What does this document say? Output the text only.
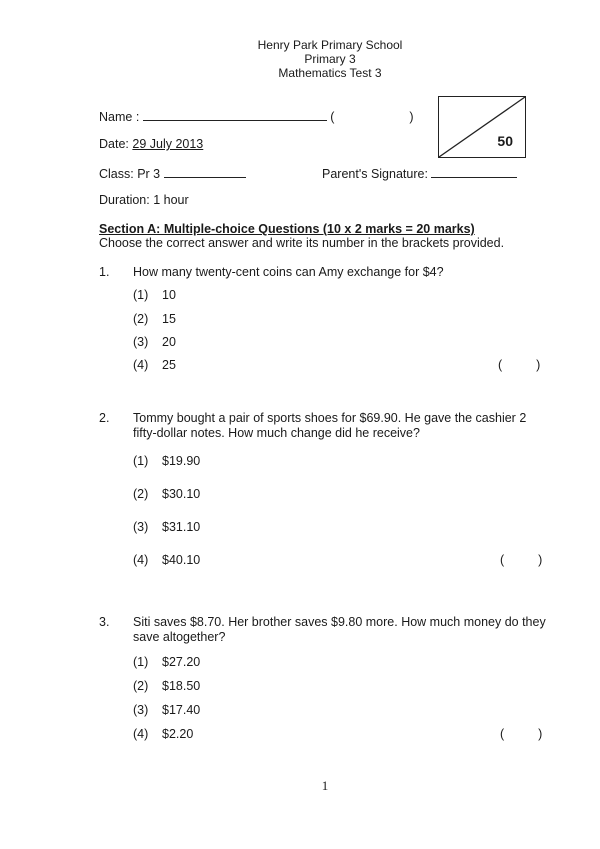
Henry Park Primary School
Primary 3
Mathematics Test 3
Name :	(	)
50
Date: 29 July 2013
Class: Pr 3	Parent's Signature:
Duration: 1 hour
Section A: Multiple-choice Questions (10 x 2 marks = 20 marks)
Choose the correct answer and write its number in the brackets provided.
1. How many twenty-cent coins can Amy exchange for $4?
(1) 10
(2) 15
(3) 20
(4) 25	(	)
2. Tommy bought a pair of sports shoes for $69.90. He gave the cashier 2 fifty-dollar notes. How much change did he receive?
(1) $19.90
(2) $30.10
(3) $31.10
(4) $40.10	(	)
3. Siti saves $8.70. Her brother saves $9.80 more. How much money do they save altogether?
(1) $27.20
(2) $18.50
(3) $17.40
(4) $2.20	(	)
1
